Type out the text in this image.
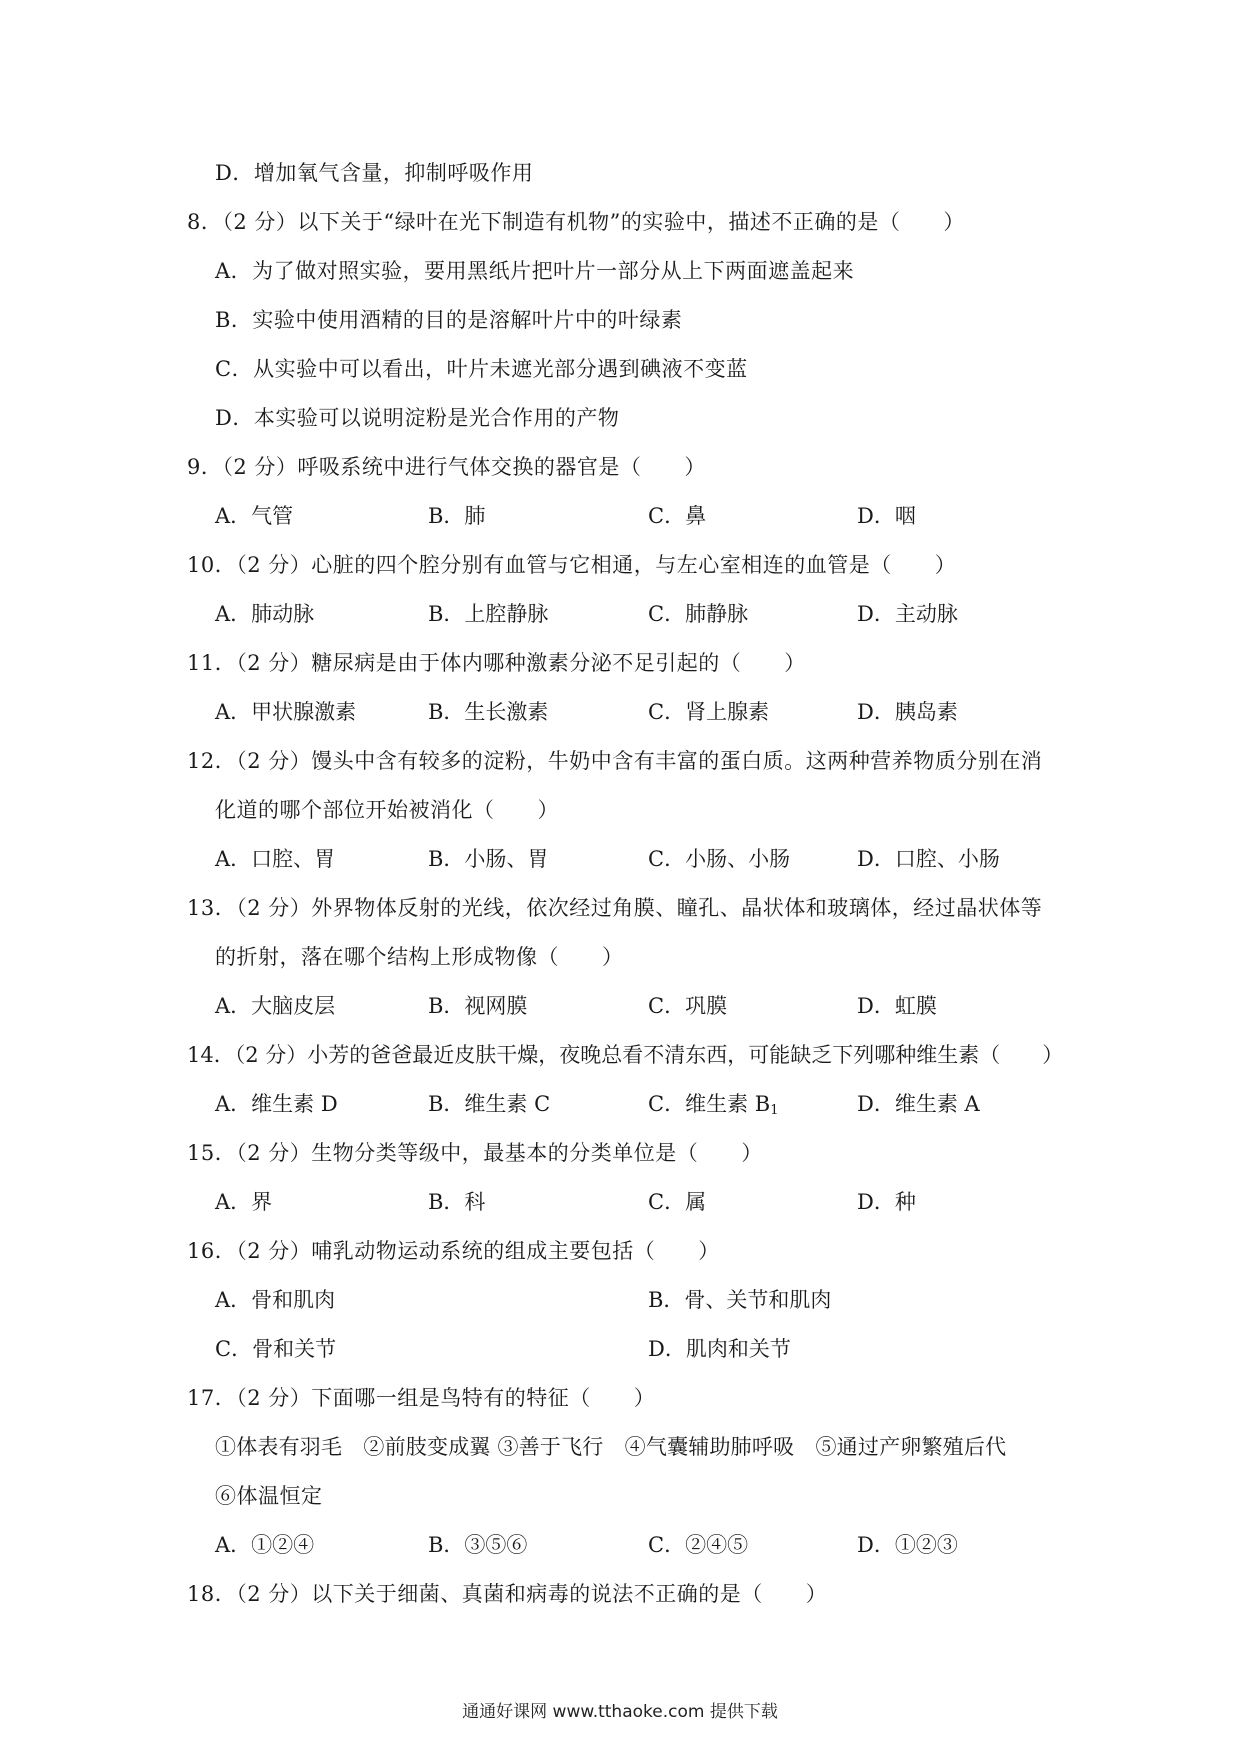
D．增加氧气含量，抑制呼吸作用
8．（2 分）以下关于“绿叶在光下制造有机物”的实验中，描述不正确的是（　　）
A．为了做对照实验，要用黑纸片把叶片一部分从上下两面遮盖起来
B．实验中使用酒精的目的是溶解叶片中的叶绿素
C．从实验中可以看出，叶片未遮光部分遇到碘液不变蓝
D．本实验可以说明淀粉是光合作用的产物
9．（2 分）呼吸系统中进行气体交换的器官是（　　）
A．气管	B．肺	C．鼻	D．咽
10．（2 分）心脏的四个腔分别有血管与它相通，与左心室相连的血管是（　　）
A．肺动脉	B．上腔静脉	C．肺静脉	D．主动脉
11．（2 分）糖尿病是由于体内哪种激素分泌不足引起的（　　）
A．甲状腺激素	B．生长激素	C．肾上腺素	D．胰岛素
12．（2 分）馒头中含有较多的淀粉，牛奶中含有丰富的蛋白质。这两种营养物质分别在消
化道的哪个部位开始被消化（　　）
A．口腔、胃	B．小肠、胃	C．小肠、小肠	D．口腔、小肠
13．（2 分）外界物体反射的光线，依次经过角膜、瞳孔、晶状体和玻璃体，经过晶状体等
的折射，落在哪个结构上形成物像（　　）
A．大脑皮层	B．视网膜	C．巩膜	D．虹膜
14．（2 分）小芳的爸爸最近皮肤干燥，夜晚总看不清东西，可能缺乏下列哪种维生素（　　）
A．维生素 D	B．维生素 C	C．维生素 $B_1$	D．维生素 A
15．（2 分）生物分类等级中，最基本的分类单位是（　　）
A．界	B．科	C．属	D．种
16．（2 分）哺乳动物运动系统的组成主要包括（　　）
A．骨和肌肉	B．骨、关节和肌肉
C．骨和关节	D．肌肉和关节
17．（2 分）下面哪一组是鸟特有的特征（　　）
①体表有羽毛　②前肢变成翼 ③善于飞行　④气囊辅助肺呼吸　⑤通过产卵繁殖后代
⑥体温恒定
A．①②④	B．③⑤⑥	C．②④⑤	D．①②③
18．（2 分）以下关于细菌、真菌和病毒的说法不正确的是（　　）
通通好课网 www.tthaoke.com 提供下载
